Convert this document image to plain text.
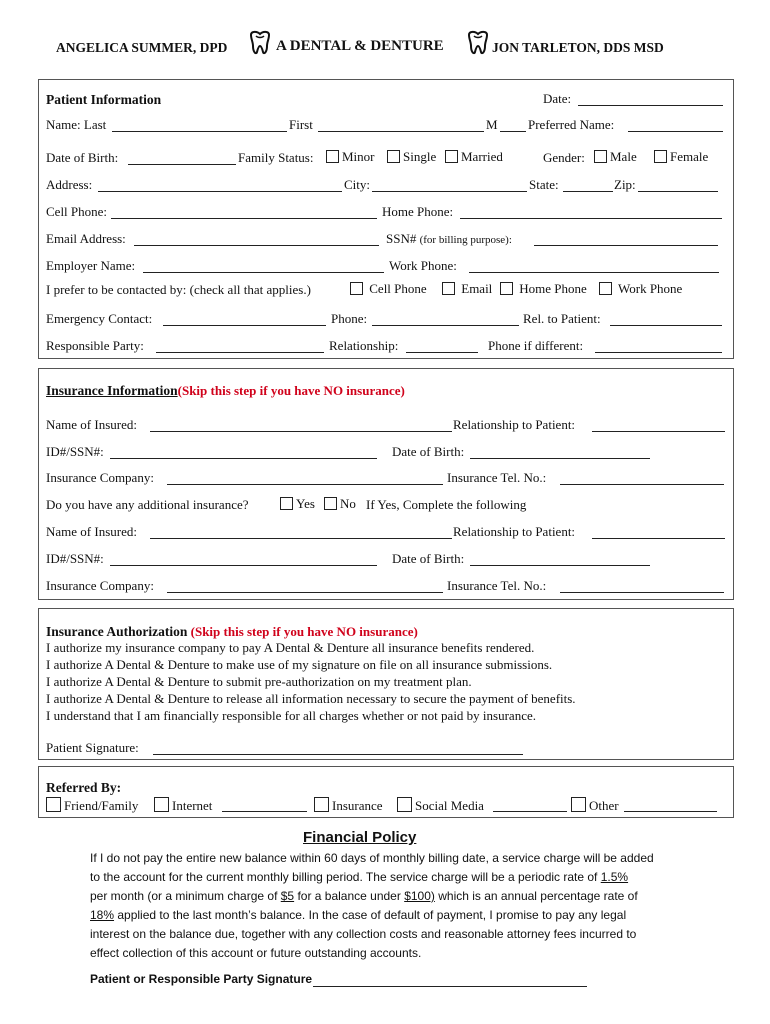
ANGELICA SUMMER, DPD	A DENTAL & DENTURE	JON TARLETON, DDS MSD
Patient Information	Date:
Name: Last	First	M Preferred Name:
Date of Birth:	Family Status:	Minor	Single	Married	Gender:	Male	Female
Address:	City:	State:	Zip:
Cell Phone:	Home Phone:
Email Address:	SSN# (for billing purpose):
Employer Name:	Work Phone:
I prefer to be contacted by: (check all that applies.)	Cell Phone	Email	Home Phone	Work Phone
Emergency Contact:	Phone:	Rel. to Patient:
Responsible Party:	Relationship:	Phone if different:
Insurance Information(Skip this step if you have NO insurance)
Name of Insured:	Relationship to Patient:
ID#/SSN#:	Date of Birth:
Insurance Company:	Insurance Tel. No.:
Do you have any additional insurance?	Yes	No If Yes, Complete the following
Name of Insured:	Relationship to Patient:
ID#/SSN#:	Date of Birth:
Insurance Company:	Insurance Tel. No.:
Insurance Authorization (Skip this step if you have NO insurance)
I authorize my insurance company to pay A Dental & Denture all insurance benefits rendered.
I authorize A Dental & Denture to make use of my signature on file on all insurance submissions.
I authorize A Dental & Denture to submit pre-authorization on my treatment plan.
I authorize A Dental & Denture to release all information necessary to secure the payment of benefits.
I understand that I am financially responsible for all charges whether or not paid by insurance.
Patient Signature:
Referred By:
Friend/Family	Internet	Insurance	Social Media	Other
Financial Policy
If I do not pay the entire new balance within 60 days of monthly billing date, a service charge will be added
to the account for the current monthly billing period. The service charge will be a periodic rate of 1.5%
per month (or a minimum charge of $5 for a balance under $100) which is an annual percentage rate of
18% applied to the last month’s balance. In the case of default of payment, I promise to pay any legal
interest on the balance due, together with any collection costs and reasonable attorney fees incurred to
effect collection of this account or future outstanding accounts.
Patient or Responsible Party Signature
